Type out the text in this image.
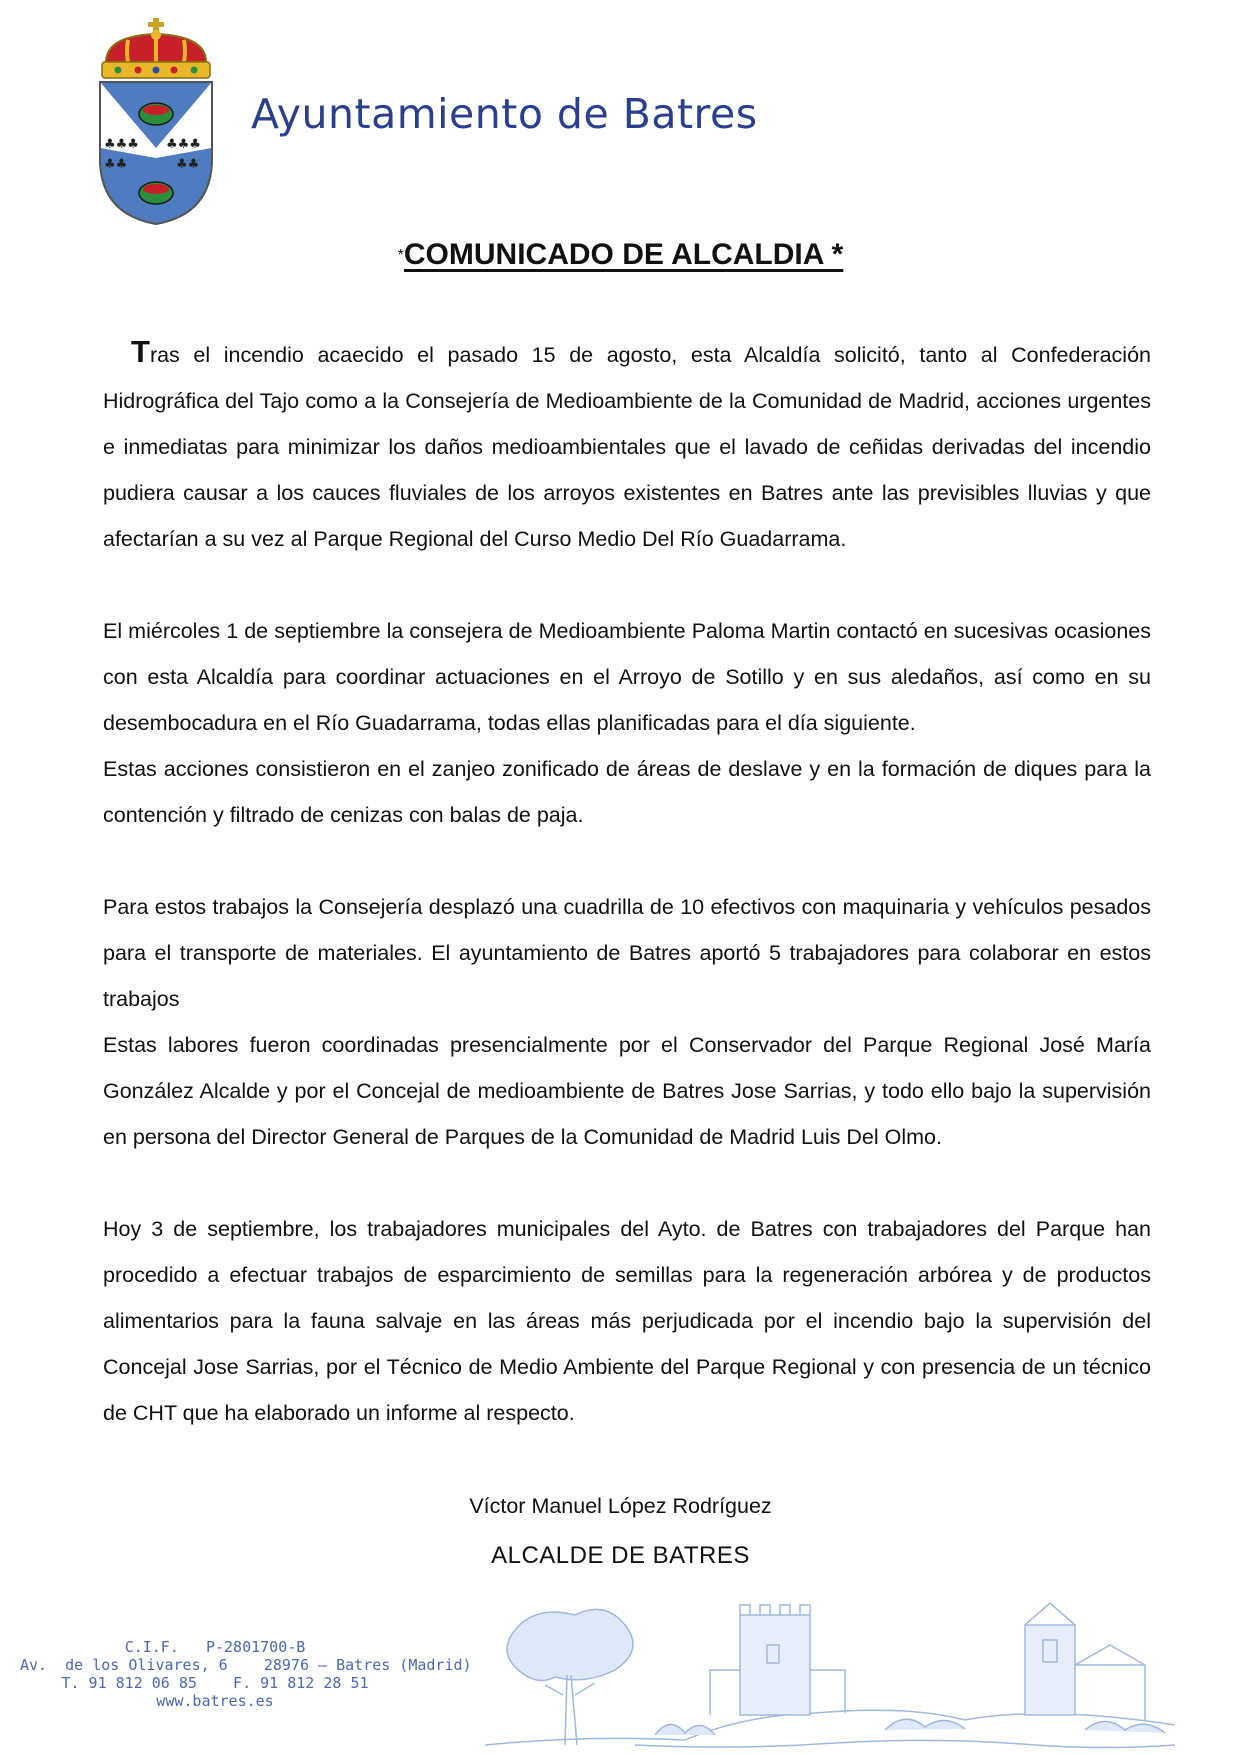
♣♣♣
♣♣
♣♣♣
♣♣
Ayuntamiento de Batres
*COMUNICADO DE ALCALDIA *

Tras el incendio acaecido el pasado 15 de agosto, esta Alcaldía solicitó, tanto al Confederación Hidrográfica del Tajo como a la Consejería de Medioambiente de la Comunidad de Madrid, acciones urgentes e inmediatas para minimizar los daños medioambientales que el lavado de ceñidas derivadas del incendio pudiera causar a los cauces fluviales de los arroyos existentes en Batres ante las previsibles lluvias y que afectarían a su vez al Parque Regional del Curso Medio Del Río Guadarrama.

El miércoles 1 de septiembre la consejera de Medioambiente Paloma Martin contactó en sucesivas ocasiones con esta Alcaldía para coordinar actuaciones en el Arroyo de Sotillo y en sus aledaños, así como en su desembocadura en el Río Guadarrama, todas ellas planificadas para el día siguiente.

Estas acciones consistieron en el zanjeo zonificado de áreas de deslave y en la formación de diques para la contención y filtrado de cenizas con balas de paja.

Para estos trabajos la Consejería desplazó una cuadrilla de 10 efectivos con maquinaria y vehículos pesados para el transporte de materiales. El ayuntamiento de Batres aportó 5 trabajadores para colaborar en estos trabajos

Estas labores fueron coordinadas presencialmente por el Conservador del Parque Regional José María González Alcalde y por el Concejal de medioambiente de Batres Jose Sarrias, y todo ello bajo la supervisión en persona del Director General de Parques de la Comunidad de Madrid Luis Del Olmo.

Hoy 3 de septiembre, los trabajadores municipales del Ayto. de Batres con trabajadores del Parque han procedido a efectuar trabajos de esparcimiento de semillas para la regeneración arbórea y de productos alimentarios para la fauna salvaje en las áreas más perjudicada por el incendio bajo la supervisión del Concejal Jose Sarrias, por el Técnico de Medio Ambiente del Parque Regional y con presencia de un técnico de CHT que ha elaborado un informe al respecto.

Víctor Manuel López Rodríguez
ALCALDE DE BATRES
C.I.F.   P-2801700-B
Av.  de los Olivares, 6    28976 – Batres (Madrid)
T. 91 812 06 85    F. 91 812 28 51
www.batres.es
